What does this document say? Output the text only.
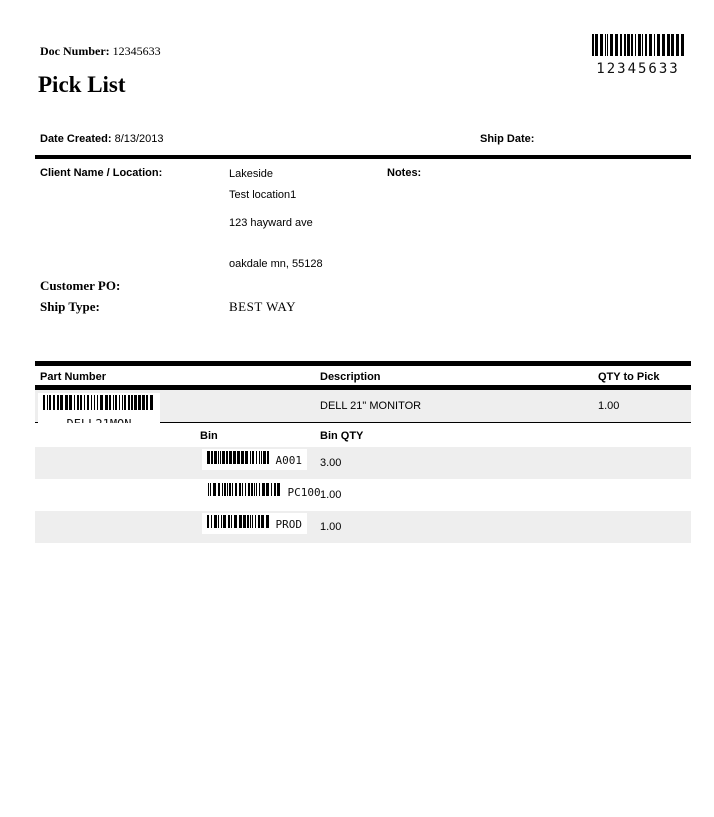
Doc Number: 12345633
12345633
Pick List
Date Created: 8/13/2013	Ship Date:
Client Name / Location:	Lakeside
Test location1
123 hayward ave
oakdale mn, 55128
Notes:
Customer PO:
Ship Type:	BEST WAY
Part Number	Description	QTY to Pick
DELL 21" MONITOR	1.00
Bin	Bin QTY
A001	3.00
PC100 1.00
PROD	1.00
